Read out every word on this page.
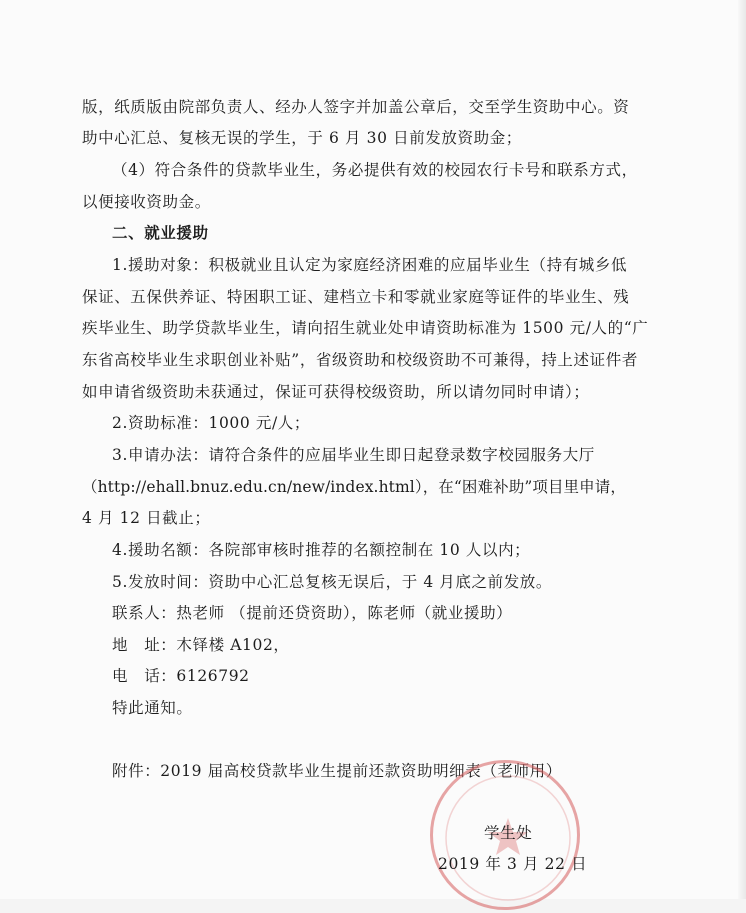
版，纸质版由院部负责人、经办人签字并加盖公章后，交至学生资助中心。资
助中心汇总、复核无误的学生，于 6 月 30 日前发放资助金；
（4）符合条件的贷款毕业生，务必提供有效的校园农行卡号和联系方式，
以便接收资助金。
二、就业援助
1.援助对象：积极就业且认定为家庭经济困难的应届毕业生（持有城乡低
保证、五保供养证、特困职工证、建档立卡和零就业家庭等证件的毕业生、残
疾毕业生、助学贷款毕业生，请向招生就业处申请资助标准为 1500 元/人的“广
东省高校毕业生求职创业补贴”，省级资助和校级资助不可兼得，持上述证件者
如申请省级资助未获通过，保证可获得校级资助，所以请勿同时申请）；
2.资助标准：1000 元/人；
3.申请办法：请符合条件的应届毕业生即日起登录数字校园服务大厅
（http://ehall.bnuz.edu.cn/new/index.html），在“困难补助”项目里申请，
4 月 12 日截止；
4.援助名额：各院部审核时推荐的名额控制在 10 人以内；
5.发放时间：资助中心汇总复核无误后，于 4 月底之前发放。
联系人：热老师 （提前还贷资助），陈老师（就业援助）
地　址：木铎楼 A102，
电　话：6126792
特此通知。
附件：2019 届高校贷款毕业生提前还款资助明细表（老师用）
学生处
2019 年 3 月 22 日
